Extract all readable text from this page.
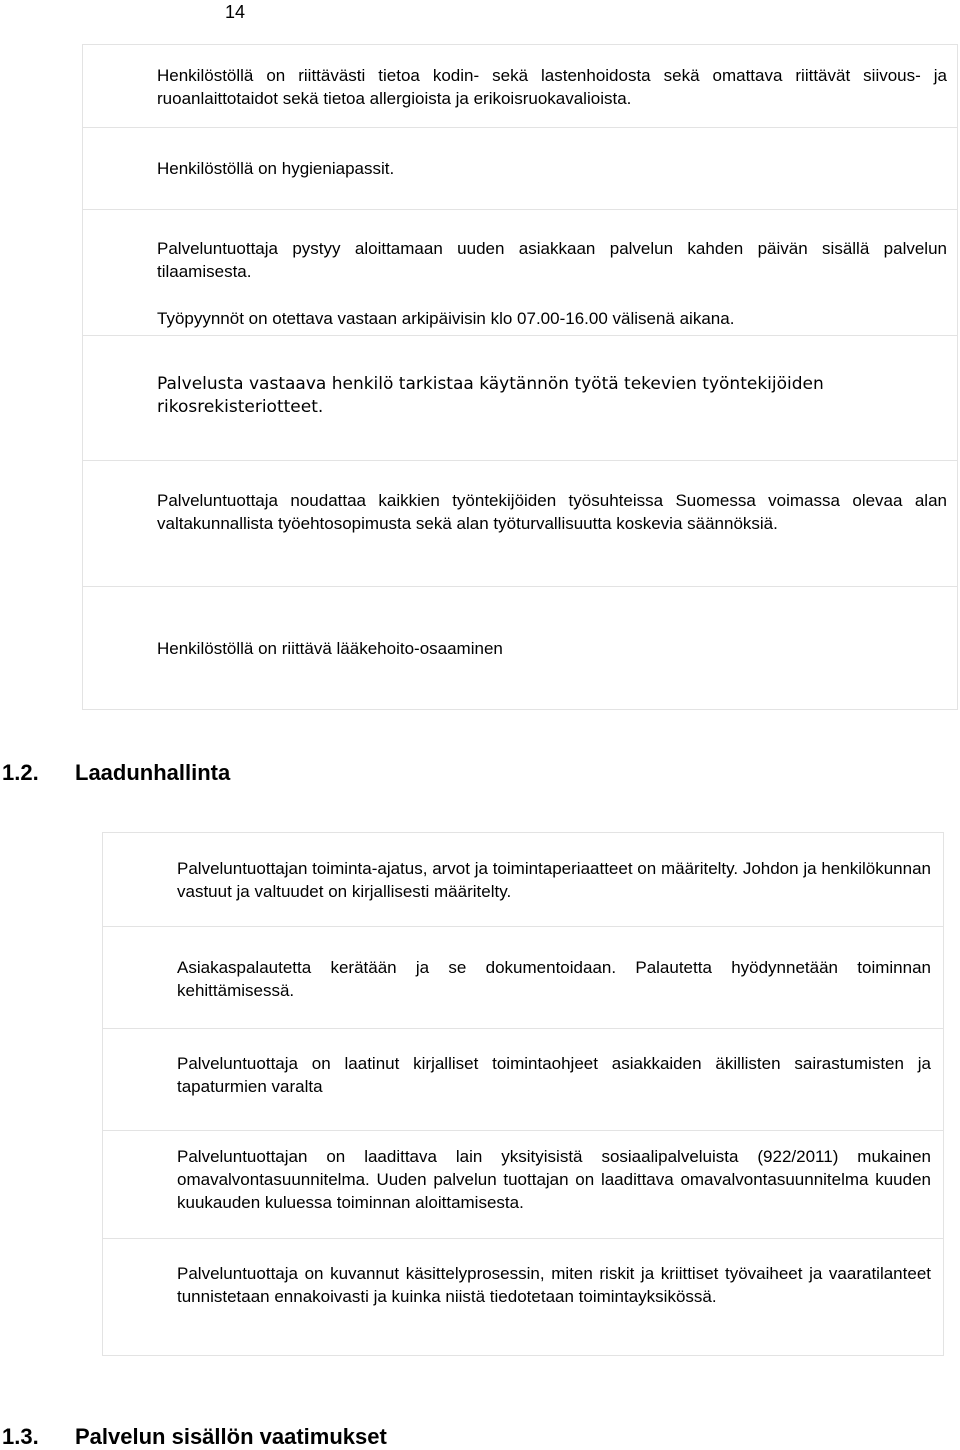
14
Henkilöstöllä on riittävästi tietoa kodin- sekä lastenhoidosta sekä omattava riittävät siivous- ja ruoanlaittotaidot sekä tietoa allergioista ja erikoisruokavalioista.
Henkilöstöllä on hygieniapassit.
Palveluntuottaja pystyy aloittamaan uuden asiakkaan palvelun kahden päivän sisällä palvelun tilaamisesta.
Työpyynnöt on otettava vastaan arkipäivisin klo 07.00-16.00 välisenä aikana.
Palvelusta vastaava henkilö tarkistaa käytännön työtä tekevien työntekijöiden rikosrekisteriotteet.
Palveluntuottaja noudattaa kaikkien työntekijöiden työsuhteissa Suomessa voimassa olevaa alan valtakunnallista työehtosopimusta sekä alan työturvallisuutta koskevia säännöksiä.
Henkilöstöllä on riittävä lääkehoito-osaaminen
1.2. Laadunhallinta
Palveluntuottajan toiminta-ajatus, arvot ja toimintaperiaatteet on määritelty. Johdon ja henkilökunnan vastuut ja valtuudet on kirjallisesti määritelty.
Asiakaspalautetta kerätään ja se dokumentoidaan. Palautetta hyödynnetään toiminnan kehittämisessä.
Palveluntuottaja on laatinut kirjalliset toimintaohjeet asiakkaiden äkillisten sairastumisten ja tapaturmien varalta
Palveluntuottajan on laadittava lain yksityisistä sosiaalipalveluista (922/2011) mukainen omavalvontasuunnitelma. Uuden palvelun tuottajan on laadittava omavalvontasuunnitelma kuuden kuukauden kuluessa toiminnan aloittamisesta.
Palveluntuottaja on kuvannut käsittelyprosessin, miten riskit ja kriittiset työvaiheet ja vaaratilanteet tunnistetaan ennakoivasti ja kuinka niistä tiedotetaan toimintayksikössä.
1.3. Palvelun sisällön vaatimukset
